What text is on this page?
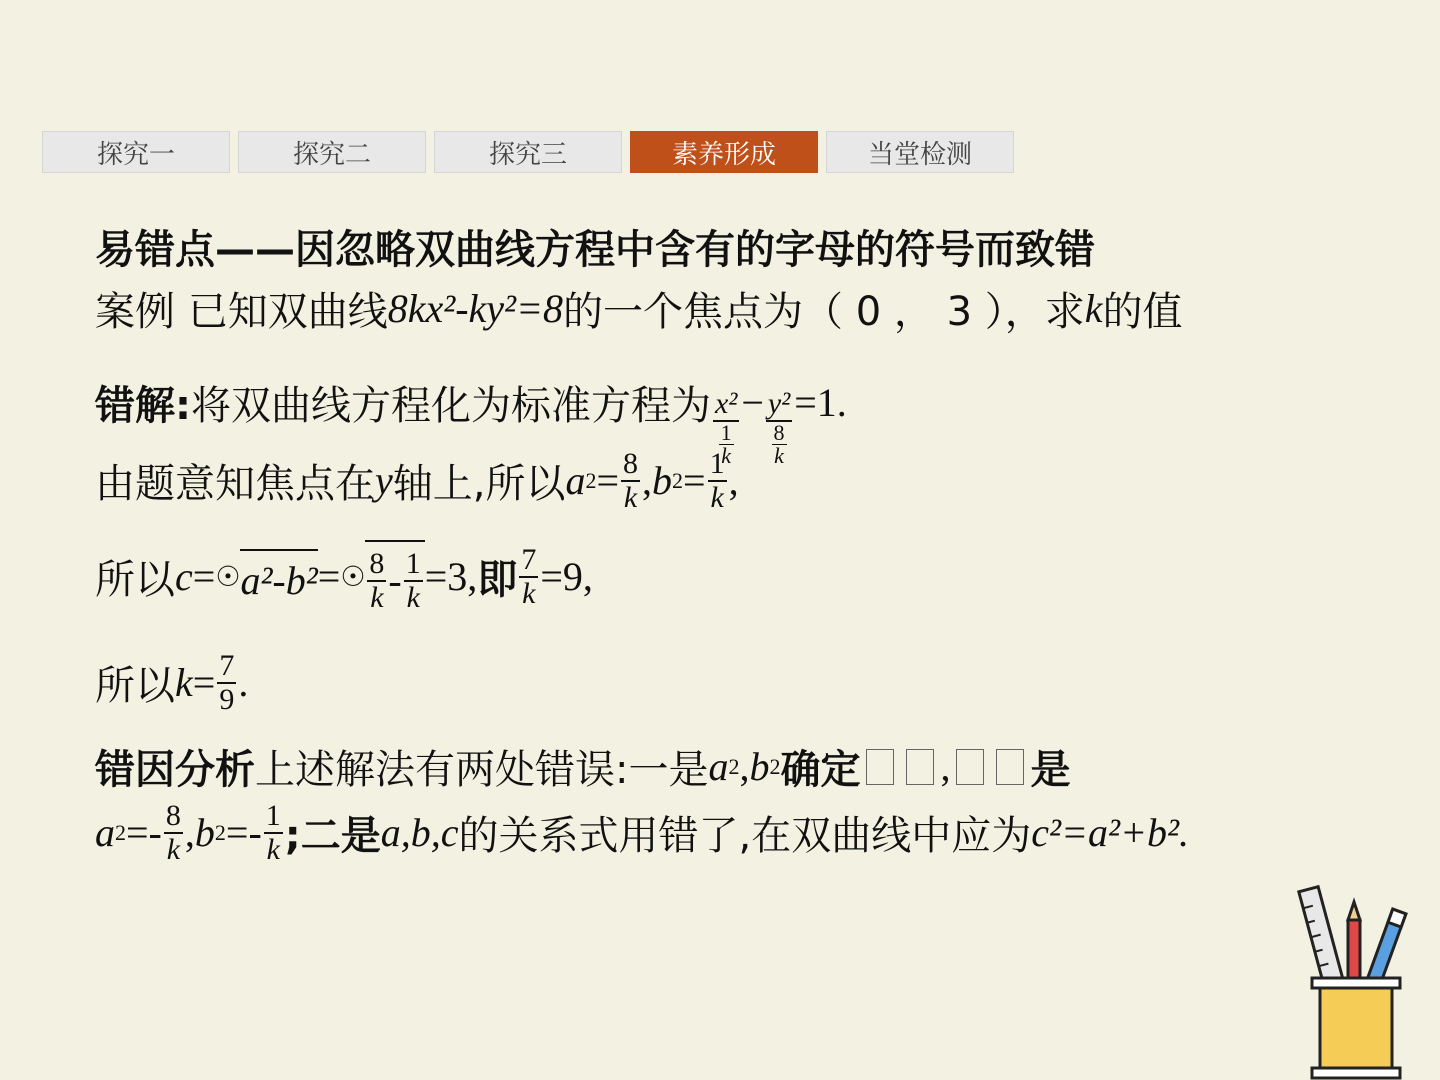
探究一	探究二	探究三	素养形成	当堂检测
易错点——因忽略双曲线方程中含有的字母的符号而致错
案例 已知双曲线 8kx²-ky²=8 的一个焦点为（ 0 ， 3 ），求 k 的值
错解: 将双曲线方程化为标准方程为 $\frac{\text{x²}}{\frac{1}{k}} - \frac{\text{y²}}{\frac{8}{k}} =1$.
由题意知焦点在 y 轴上,所以 a $2 = \frac{8}{k}$ , b $2 = \frac{1}{k}$ ,
所以 c = ☉ a²-b² = ☉ $\frac{8}{k} - \frac{1}{k} =3$, 即 $\frac{7}{k} =9$,
所以 $k = \frac{7}{9}$ .
错因分析 上述解法有两处错误:一是 a 2 , b 2 确定 , 是
a $2 =- \frac{8}{k}$ , b $2 =- \frac{1}{k}$ ;二是 a,b,c 的关系式用错了,在双曲线中应为 c²=a²+b².
